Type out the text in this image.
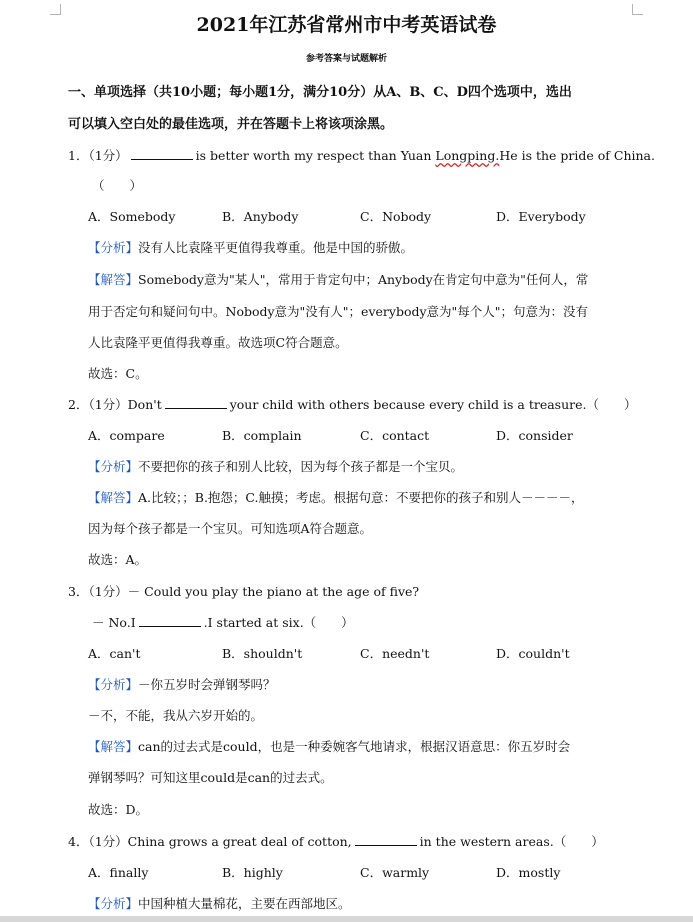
2021年江苏省常州市中考英语试卷
参考答案与试题解析
一、单项选择（共10小题；每小题1分，满分10分）从A、B、C、D四个选项中，选出
可以填入空白处的最佳选项，并在答题卡上将该项涂黑。
1．（1分）	is better worth my respect than Yuan Longping.He is the pride of China.
（　　）
A．Somebody	B．Anybody	C．Nobody	D．Everybody
【分析】没有人比袁隆平更值得我尊重。他是中国的骄傲。
【解答】Somebody意为"某人"，常用于肯定句中；Anybody在肯定句中意为"任何人，常
用于否定句和疑问句中。Nobody意为"没有人"；everybody意为"每个人"；句意为：没有
人比袁隆平更值得我尊重。故选项C符合题意。
故选：C。
2．（1分）Don't	your child with others because every child is a treasure.（　　）
A．compare	B．complain	C．contact	D．consider
【分析】不要把你的孩子和别人比较，因为每个孩子都是一个宝贝。
【解答】A.比较；；B.抱怨；C.触摸；考虑。根据句意：不要把你的孩子和别人－－－－，
因为每个孩子都是一个宝贝。可知选项A符合题意。
故选：A。
3．（1分）－ Could you play the piano at the age of five?
－ No.I	.I started at six.（　　）
A．can't	B．shouldn't	C．needn't	D．couldn't
【分析】－你五岁时会弹钢琴吗？
－不，不能，我从六岁开始的。
【解答】can的过去式是could，也是一种委婉客气地请求，根据汉语意思：你五岁时会
弹钢琴吗？可知这里could是can的过去式。
故选：D。
4．（1分）China grows a great deal of cotton,	in the western areas.（　　）
A．finally	B．highly	C．warmly	D．mostly
【分析】中国种植大量棉花，主要在西部地区。
